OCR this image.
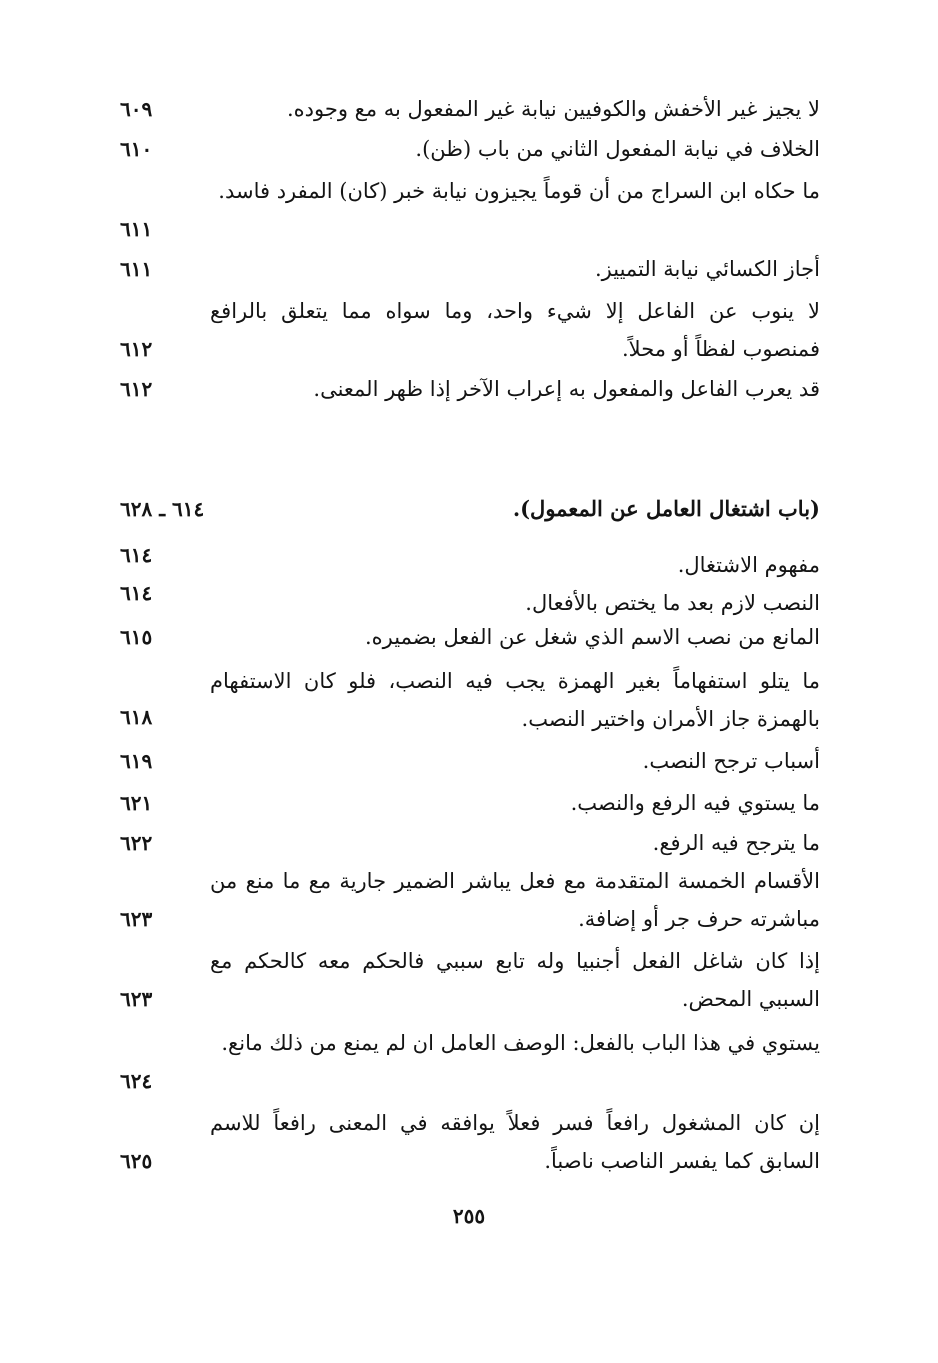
لا يجيز غير الأخفش والكوفيين نيابة غير المفعول به مع وجوده.
٦٠٩
الخلاف في نيابة المفعول الثاني من باب (ظن).
٦١٠
ما حكاه ابن السراج من أن قوماً يجيزون نيابة خبر (كان) المفرد فاسد.
٦١١
أجاز الكسائي نيابة التمييز.
٦١١
لا ينوب عن الفاعل إلا شيء واحد، وما سواه مما يتعلق بالرافع فمنصوب لفظاً أو محلاً.
٦١٢
قد يعرب الفاعل والمفعول به إعراب الآخر إذا ظهر المعنى.
٦١٢
(باب اشتغال العامل عن المعمول).
٦١٤ ـ ٦٢٨
مفهوم الاشتغال.
٦١٤
النصب لازم بعد ما يختص بالأفعال.
٦١٤
المانع من نصب الاسم الذي شغل عن الفعل بضميره.
٦١٥
ما يتلو استفهاماً بغير الهمزة يجب فيه النصب، فلو كان الاستفهام بالهمزة جاز الأمران واختير النصب.
٦١٨
أسباب ترجح النصب.
٦١٩
ما يستوي فيه الرفع والنصب.
٦٢١
ما يترجح فيه الرفع.
٦٢٢
الأقسام الخمسة المتقدمة مع فعل يباشر الضمير جارية مع ما منع من مباشرته حرف جر أو إضافة.
٦٢٣
إذا كان شاغل الفعل أجنبيا وله تابع سببي فالحكم معه كالحكم مع السببي المحض.
٦٢٣
يستوي في هذا الباب بالفعل: الوصف العامل ان لم يمنع من ذلك مانع.
٦٢٤
إن كان المشغول رافعاً فسر فعلاً يوافقه في المعنى رافعاً للاسم السابق كما يفسر الناصب ناصباً.
٦٢٥
٢٥٥
